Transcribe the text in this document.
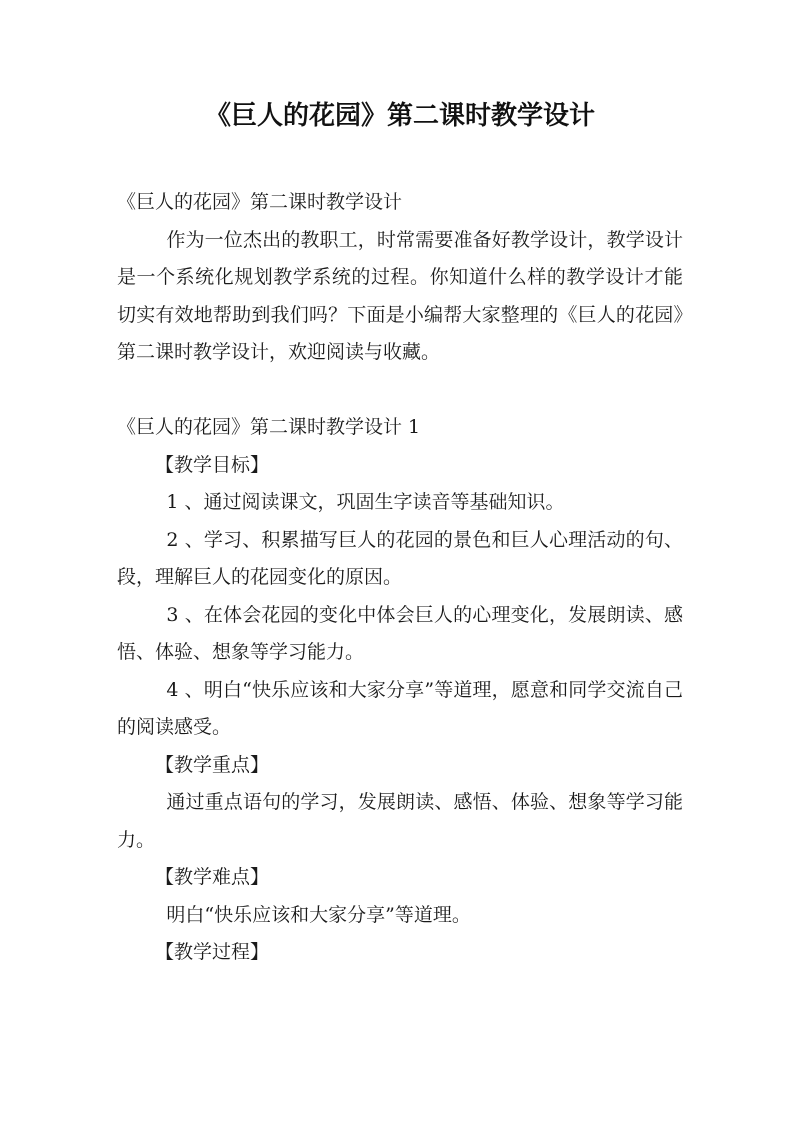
《巨人的花园》第二课时教学设计

《巨人的花园》第二课时教学设计

作为一位杰出的教职工，时常需要准备好教学设计，教学设计是一个系统化规划教学系统的过程。你知道什么样的教学设计才能切实有效地帮助到我们吗？下面是小编帮大家整理的《巨人的花园》第二课时教学设计，欢迎阅读与收藏。

《巨人的花园》第二课时教学设计 1

【教学目标】

1 、通过阅读课文，巩固生字读音等基础知识。

2 、学习、积累描写巨人的花园的景色和巨人心理活动的句、段，理解巨人的花园变化的原因。

3 、在体会花园的变化中体会巨人的心理变化，发展朗读、感悟、体验、想象等学习能力。

4 、明白“快乐应该和大家分享”等道理，愿意和同学交流自己的阅读感受。

【教学重点】

通过重点语句的学习，发展朗读、感悟、体验、想象等学习能力。

【教学难点】

明白“快乐应该和大家分享”等道理。

【教学过程】
